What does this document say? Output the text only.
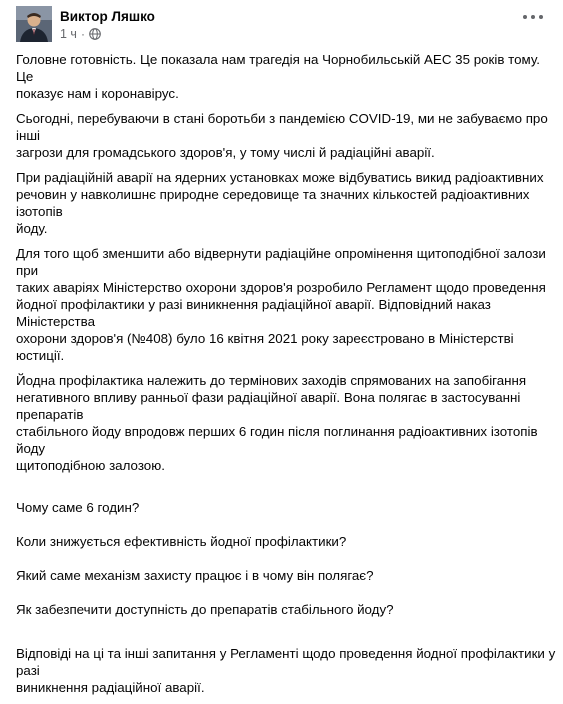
Виктор Ляшко
1 ч ·

Головне готовність. Це показала нам трагедія на Чорнобильській АЕС 35 років тому. Це
показує нам і коронавірус.

Сьогодні, перебуваючи в стані боротьби з пандемією COVID-19, ми не забуваємо про інші
загрози для громадського здоров'я, у тому числі й радіаційні аварії.

При радіаційній аварії на ядерних установках може відбуватись викид радіоактивних
речовин у навколишнє природне середовище та значних кількостей радіоактивних ізотопів
йоду.

Для того щоб зменшити або відвернути радіаційне опромінення щитоподібної залози при
таких аваріях Міністерство охорони здоров'я розробило Регламент щодо проведення
йодної профілактики у разі виникнення радіаційної аварії. Відповідний наказ Міністерства
охорони здоров'я (№408) було 16 квітня 2021 року зареєстровано в Міністерстві юстиції.

Йодна профілактика належить до термінових заходів спрямованих на запобігання
негативного впливу ранньої фази радіаційної аварії. Вона полягає в застосуванні препаратів
стабільного йоду впродовж перших 6 годин після поглинання радіоактивних ізотопів йоду
щитоподібною залозою.

Чому саме 6 годин?

Коли знижується ефективність йодної профілактики?

Який саме механізм захисту працює і в чому він полягає?

Як забезпечити доступність до препаратів стабільного йоду?

Відповіді на ці та інші запитання у Регламенті щодо проведення йодної профілактики у разі
виникнення радіаційної аварії.
